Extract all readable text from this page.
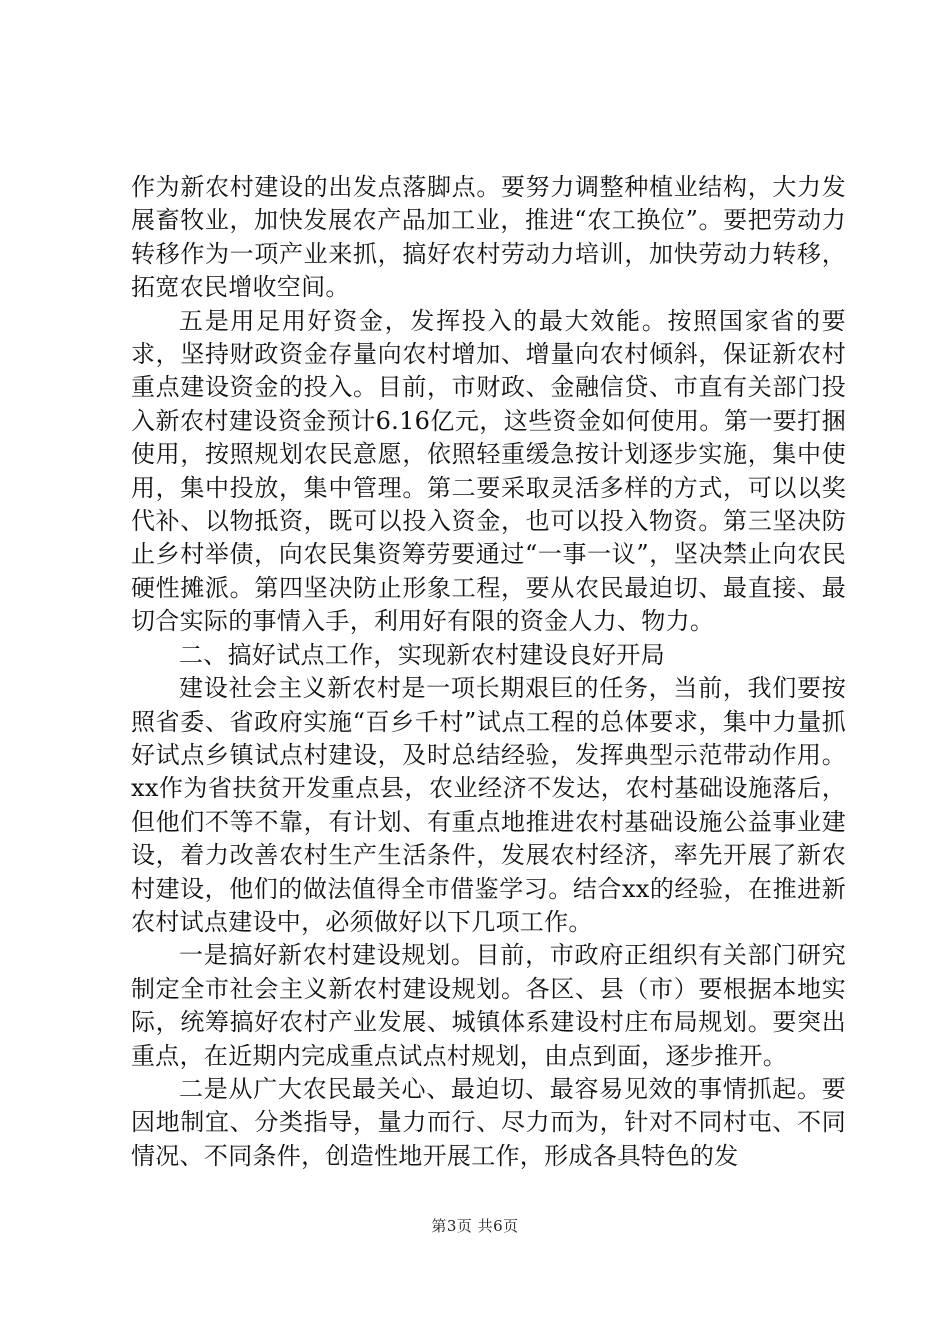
作为新农村建设的出发点落脚点。要努力调整种植业结构，大力发展畜牧业，加快发展农产品加工业，推进“农工换位”。要把劳动力转移作为一项产业来抓，搞好农村劳动力培训，加快劳动力转移，拓宽农民增收空间。

五是用足用好资金，发挥投入的最大效能。按照国家省的要求，坚持财政资金存量向农村增加、增量向农村倾斜，保证新农村重点建设资金的投入。目前，市财政、金融信贷、市直有关部门投入新农村建设资金预计6.16亿元，这些资金如何使用。第一要打捆使用，按照规划农民意愿，依照轻重缓急按计划逐步实施，集中使用，集中投放，集中管理。第二要采取灵活多样的方式，可以以奖代补、以物抵资，既可以投入资金，也可以投入物资。第三坚决防止乡村举债，向农民集资筹劳要通过“一事一议”，坚决禁止向农民硬性摊派。第四坚决防止形象工程，要从农民最迫切、最直接、最切合实际的事情入手，利用好有限的资金人力、物力。

二、搞好试点工作，实现新农村建设良好开局

建设社会主义新农村是一项长期艰巨的任务，当前，我们要按照省委、省政府实施“百乡千村”试点工程的总体要求，集中力量抓好试点乡镇试点村建设，及时总结经验，发挥典型示范带动作用。xx作为省扶贫开发重点县，农业经济不发达，农村基础设施落后，但他们不等不靠，有计划、有重点地推进农村基础设施公益事业建设，着力改善农村生产生活条件，发展农村经济，率先开展了新农村建设，他们的做法值得全市借鉴学习。结合xx的经验，在推进新农村试点建设中，必须做好以下几项工作。

一是搞好新农村建设规划。目前，市政府正组织有关部门研究制定全市社会主义新农村建设规划。各区、县（市）要根据本地实际，统筹搞好农村产业发展、城镇体系建设村庄布局规划。要突出重点，在近期内完成重点试点村规划，由点到面，逐步推开。

二是从广大农民最关心、最迫切、最容易见效的事情抓起。要因地制宜、分类指导，量力而行、尽力而为，针对不同村屯、不同情况、不同条件，创造性地开展工作，形成各具特色的发

第3页 共6页
